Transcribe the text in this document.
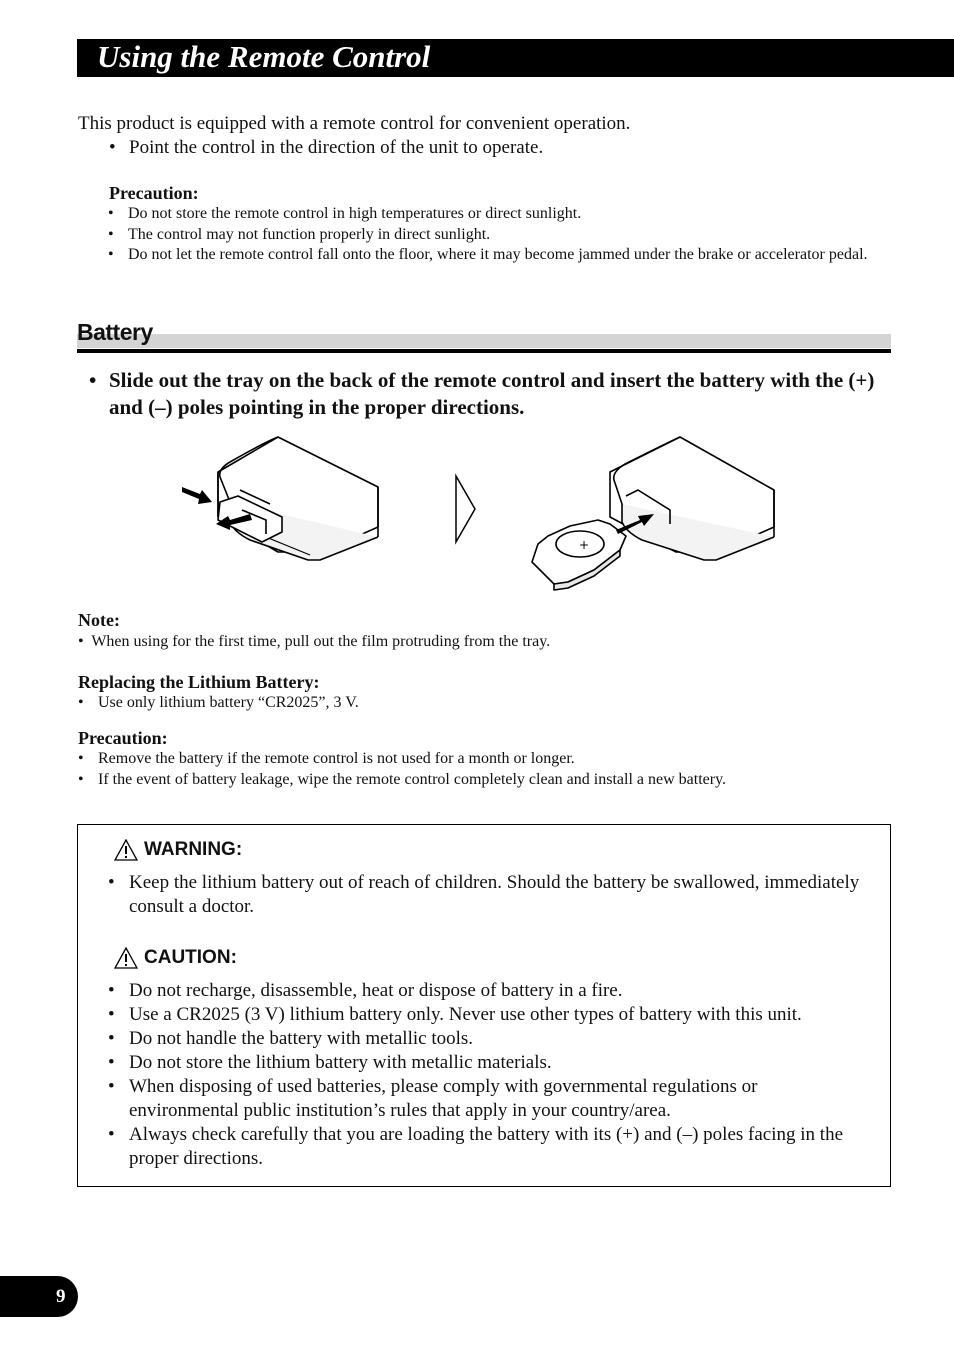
Using the Remote Control
This product is equipped with a remote control for convenient operation.
• Point the control in the direction of the unit to operate.
Precaution:
• Do not store the remote control in high temperatures or direct sunlight.
• The control may not function properly in direct sunlight.
• Do not let the remote control fall onto the floor, where it may become jammed under the brake or accelerator pedal.
Battery
• Slide out the tray on the back of the remote control and insert the battery with the (+) and (–) poles pointing in the proper directions.
+
Note:
•  When using for the first time, pull out the film protruding from the tray.
Replacing the Lithium Battery:
• Use only lithium battery “CR2025”, 3 V.
Precaution:
• Remove the battery if the remote control is not used for a month or longer.
• If the event of battery leakage, wipe the remote control completely clean and install a new battery.
WARNING :
• Keep the lithium battery out of reach of children. Should the battery be swallowed, immediately consult a doctor.
CAUTION :
• Do not recharge, disassemble, heat or dispose of battery in a fire.
• Use a CR2025 (3 V) lithium battery only. Never use other types of battery with this unit.
• Do not handle the battery with metallic tools.
• Do not store the lithium battery with metallic materials.
• When disposing of used batteries, please comply with governmental regulations or environmental public institution’s rules that apply in your country/area.
• Always check carefully that you are loading the battery with its (+) and (–) poles facing in the proper directions.
9
